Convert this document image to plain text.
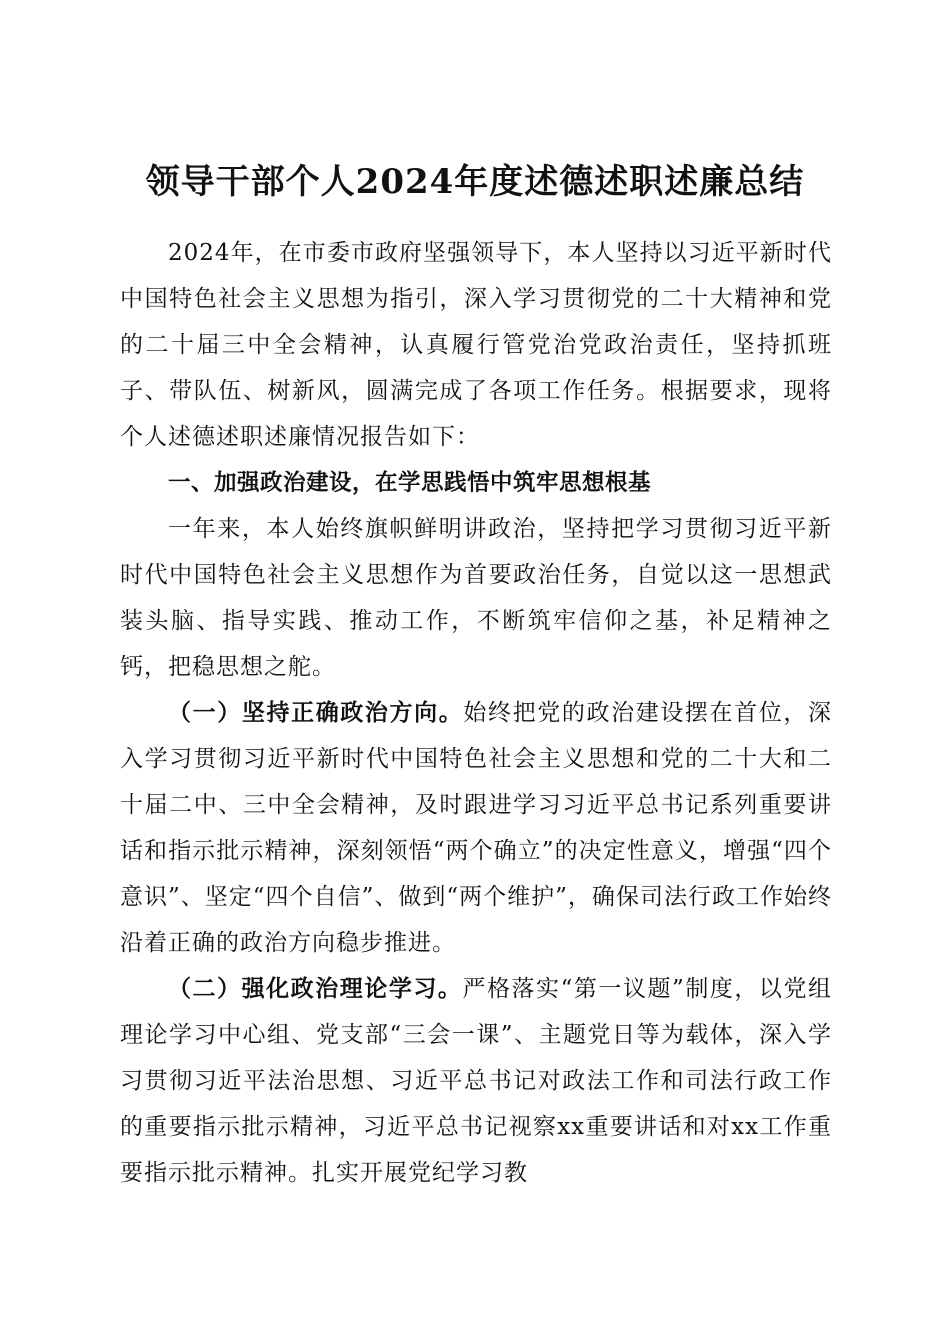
领导干部个人2024年度述德述职述廉总结

2024年，在市委市政府坚强领导下，本人坚持以习近平新时代中国特色社会主义思想为指引，深入学习贯彻党的二十大精神和党的二十届三中全会精神，认真履行管党治党政治责任，坚持抓班子、带队伍、树新风，圆满完成了各项工作任务。根据要求，现将个人述德述职述廉情况报告如下：

一、加强政治建设，在学思践悟中筑牢思想根基

一年来，本人始终旗帜鲜明讲政治，坚持把学习贯彻习近平新时代中国特色社会主义思想作为首要政治任务，自觉以这一思想武装头脑、指导实践、推动工作，不断筑牢信仰之基，补足精神之钙，把稳思想之舵。

（一）坚持正确政治方向。始终把党的政治建设摆在首位，深入学习贯彻习近平新时代中国特色社会主义思想和党的二十大和二十届二中、三中全会精神，及时跟进学习习近平总书记系列重要讲话和指示批示精神，深刻领悟“两个确立”的决定性意义，增强“四个意识”、坚定“四个自信”、做到“两个维护”，确保司法行政工作始终沿着正确的政治方向稳步推进。

（二）强化政治理论学习。严格落实“第一议题”制度，以党组理论学习中心组、党支部“三会一课”、主题党日等为载体，深入学习贯彻习近平法治思想、习近平总书记对政法工作和司法行政工作的重要指示批示精神，习近平总书记视察xx重要讲话和对xx工作重要指示批示精神。扎实开展党纪学习教
